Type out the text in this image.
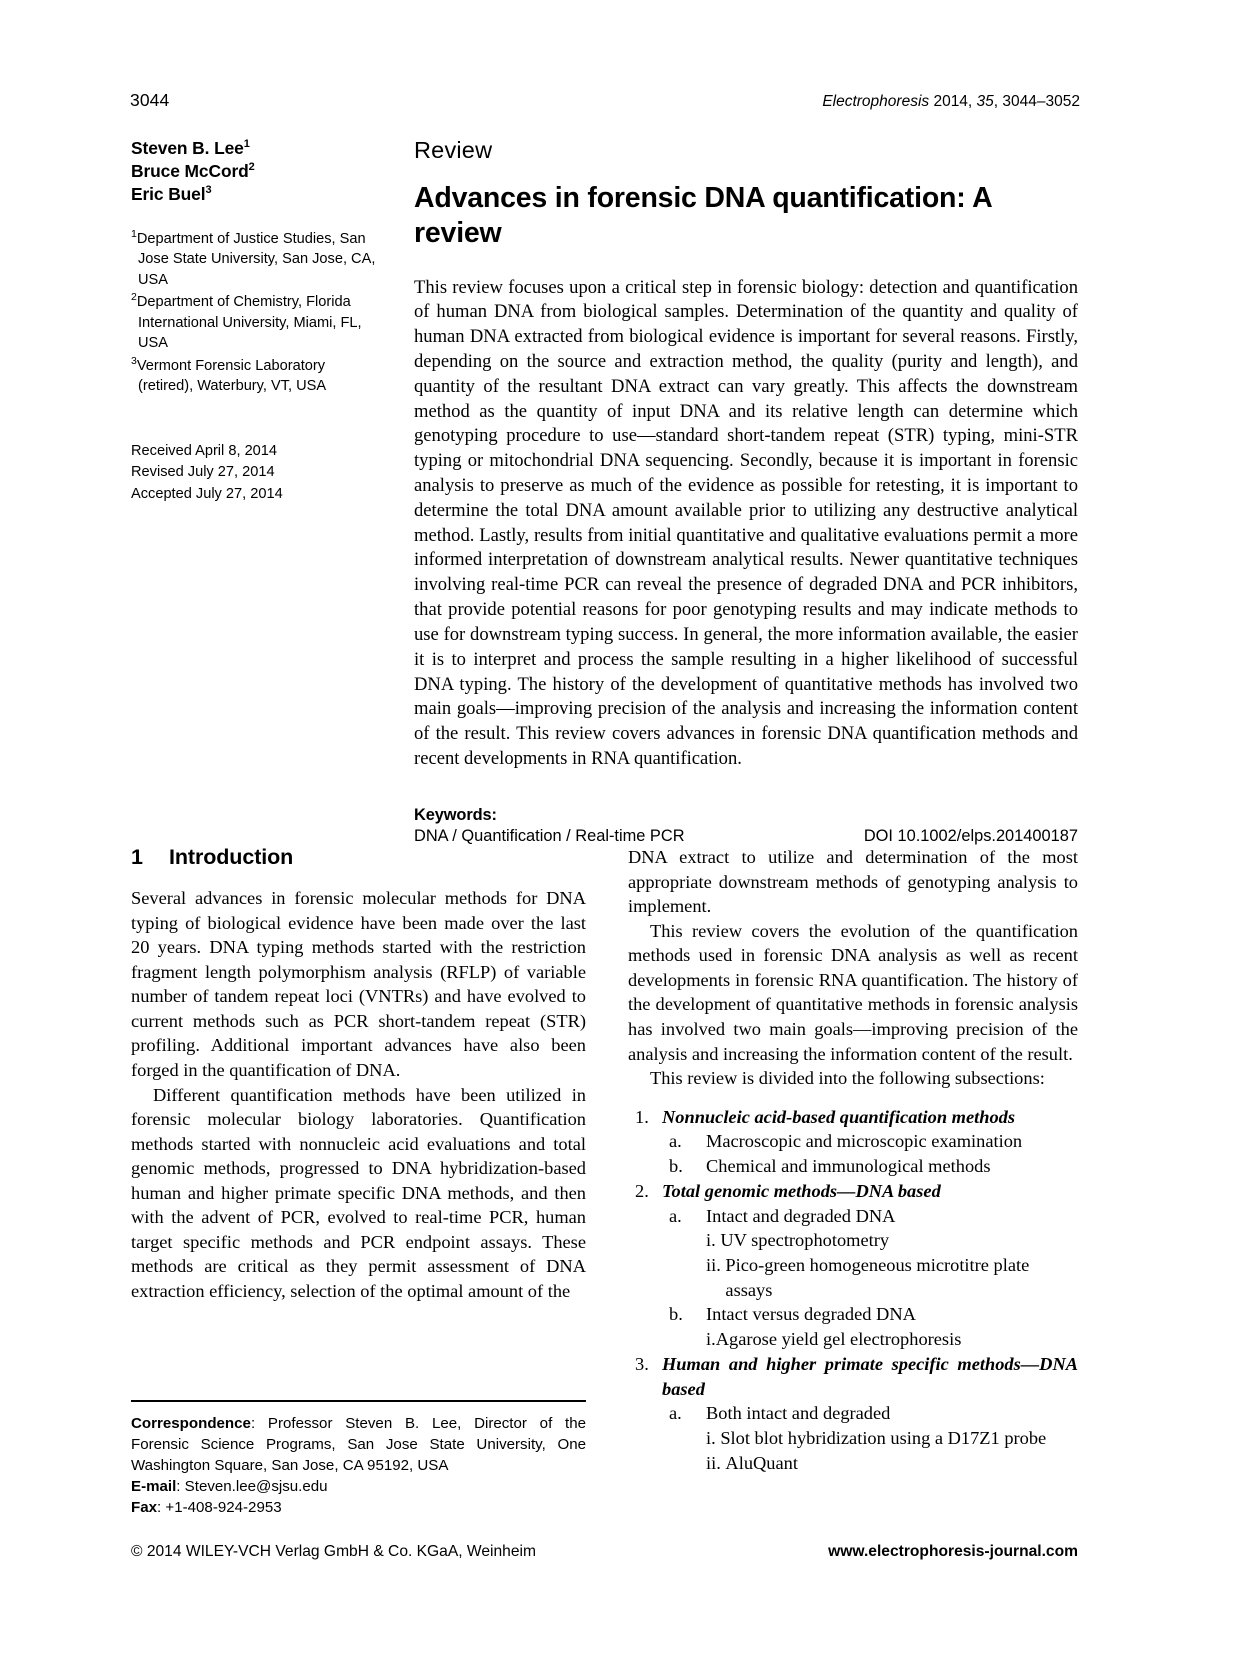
3044	Electrophoresis 2014, 35, 3044–3052
Steven B. Lee$^1$
Bruce McCord$^2$
Eric Buel$^3$
$^1$Department of Justice Studies, San Jose State University, San Jose, CA, USA
$^2$Department of Chemistry, Florida International University, Miami, FL, USA
$^3$Vermont Forensic Laboratory (retired), Waterbury, VT, USA
Received April 8, 2014
Revised July 27, 2014
Accepted July 27, 2014
Review
Advances in forensic DNA quantification: A review

This review focuses upon a critical step in forensic biology: detection and quantification of human DNA from biological samples. Determination of the quantity and quality of human DNA extracted from biological evidence is important for several reasons. Firstly, depending on the source and extraction method, the quality (purity and length), and quantity of the resultant DNA extract can vary greatly. This affects the downstream method as the quantity of input DNA and its relative length can determine which genotyping procedure to use—standard short-tandem repeat (STR) typing, mini-STR typing or mitochondrial DNA sequencing. Secondly, because it is important in forensic analysis to preserve as much of the evidence as possible for retesting, it is important to determine the total DNA amount available prior to utilizing any destructive analytical method. Lastly, results from initial quantitative and qualitative evaluations permit a more informed interpretation of downstream analytical results. Newer quantitative techniques involving real-time PCR can reveal the presence of degraded DNA and PCR inhibitors, that provide potential reasons for poor genotyping results and may indicate methods to use for downstream typing success. In general, the more information available, the easier it is to interpret and process the sample resulting in a higher likelihood of successful DNA typing. The history of the development of quantitative methods has involved two main goals—improving precision of the analysis and increasing the information content of the result. This review covers advances in forensic DNA quantification methods and recent developments in RNA quantification.

Keywords:
DNA / Quantification / Real-time PCR	DOI 10.1002/elps.201400187
1 Introduction

Several advances in forensic molecular methods for DNA typing of biological evidence have been made over the last 20 years. DNA typing methods started with the restriction fragment length polymorphism analysis (RFLP) of variable number of tandem repeat loci (VNTRs) and have evolved to current methods such as PCR short-tandem repeat (STR) profiling. Additional important advances have also been forged in the quantification of DNA.

Different quantification methods have been utilized in forensic molecular biology laboratories. Quantification methods started with nonnucleic acid evaluations and total genomic methods, progressed to DNA hybridization-based human and higher primate specific DNA methods, and then with the advent of PCR, evolved to real-time PCR, human target specific methods and PCR endpoint assays. These methods are critical as they permit assessment of DNA extraction efficiency, selection of the optimal amount of the

DNA extract to utilize and determination of the most appropriate downstream methods of genotyping analysis to implement.

This review covers the evolution of the quantification methods used in forensic DNA analysis as well as recent developments in forensic RNA quantification. The history of the development of quantitative methods in forensic analysis has involved two main goals—improving precision of the analysis and increasing the information content of the result.

This review is divided into the following subsections:

1. Nonnucleic acid-based quantification methods
a.	Macroscopic and microscopic examination
b.	Chemical and immunological methods
2. Total genomic methods—DNA based
a.	Intact and degraded DNA
i. UV spectrophotometry
ii. Pico-green homogeneous microtitre plate assays
b.	Intact versus degraded DNA
i. Agarose yield gel electrophoresis
3. Human and higher primate specific methods—DNA based
a.	Both intact and degraded
i. Slot blot hybridization using a D17Z1 probe
ii. AluQuant
Correspondence: Professor Steven B. Lee, Director of the Forensic Science Programs, San Jose State University, One Washington Square, San Jose, CA 95192, USA
E-mail: Steven.lee@sjsu.edu
Fax: +1-408-924-2953
© 2014 WILEY-VCH Verlag GmbH & Co. KGaA, Weinheim	www.electrophoresis-journal.com
